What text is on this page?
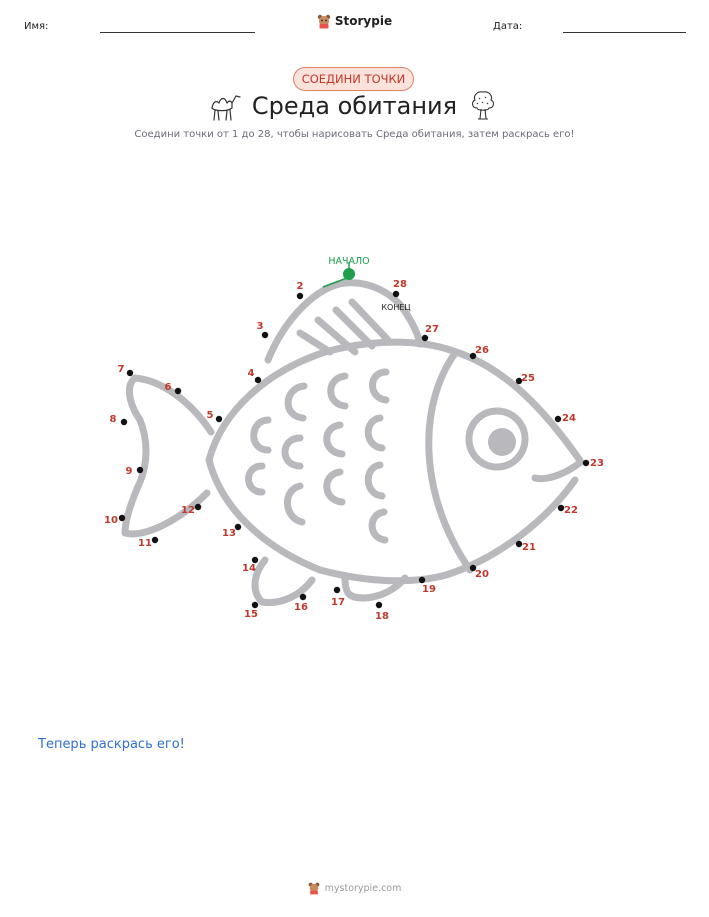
Имя:	Storypie	Дата:
СОЕДИНИ ТОЧКИ
Среда обитания
Соедини точки от 1 до 28, чтобы нарисовать Среда обитания, затем раскрась его!
НАЧАЛО
КОНЕЦ
2
3
4
5
6
7
8
9
10
11
12
13
14
15
16 17
18
19
20
21
22
23
24
25
26
27
28
Теперь раскрась его!
mystorypie.com
